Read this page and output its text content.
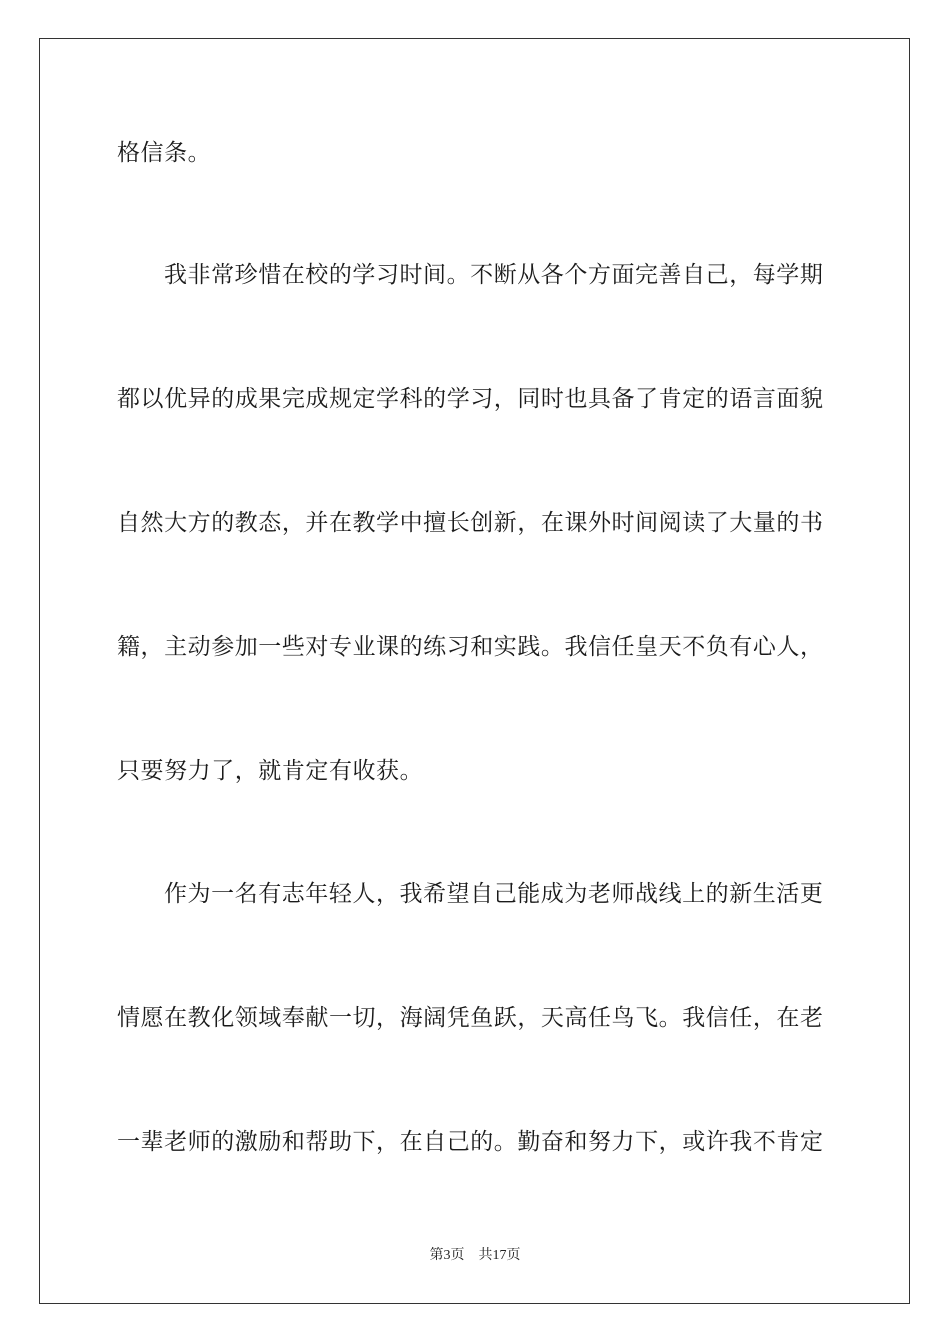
格信条。

我非常珍惜在校的学习时间。不断从各个方面完善自己，每学期

都以优异的成果完成规定学科的学习，同时也具备了肯定的语言面貌

自然大方的教态，并在教学中擅长创新，在课外时间阅读了大量的书

籍，主动参加一些对专业课的练习和实践。我信任皇天不负有心人，

只要努力了，就肯定有收获。

作为一名有志年轻人，我希望自己能成为老师战线上的新生活更

情愿在教化领域奉献一切，海阔凭鱼跃，天高任鸟飞。我信任，在老

一辈老师的激励和帮助下，在自己的。勤奋和努力下，或许我不肯定

第3页 共17页
